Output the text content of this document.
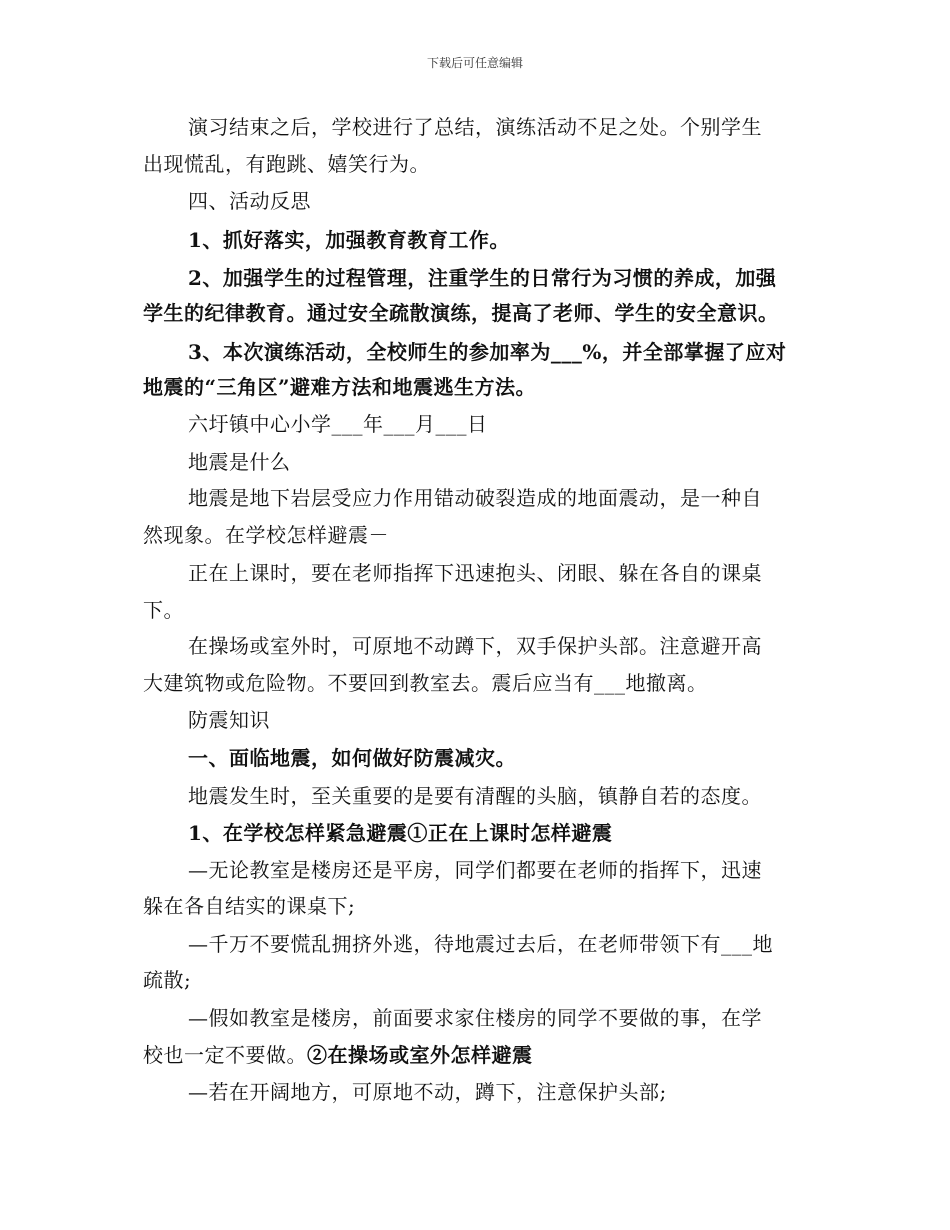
下载后可任意编辑
演习结束之后，学校进行了总结，演练活动不足之处。个别学生
出现慌乱，有跑跳、嬉笑行为。
四、活动反思
1、抓好落实，加强教育教育工作。
2、加强学生的过程管理，注重学生的日常行为习惯的养成，加强
学生的纪律教育。通过安全疏散演练，提高了老师、学生的安全意识。
3、本次演练活动，全校师生的参加率为___%，并全部掌握了应对
地震的“三角区”避难方法和地震逃生方法。
六圩镇中心小学___年___月___日
地震是什么
地震是地下岩层受应力作用错动破裂造成的地面震动，是一种自
然现象。在学校怎样避震－
正在上课时，要在老师指挥下迅速抱头、闭眼、躲在各自的课桌
下。
在操场或室外时，可原地不动蹲下，双手保护头部。注意避开高
大建筑物或危险物。不要回到教室去。震后应当有___地撤离。
防震知识
一、面临地震，如何做好防震减灾。
地震发生时，至关重要的是要有清醒的头脑，镇静自若的态度。
1、在学校怎样紧急避震①正在上课时怎样避震
—无论教室是楼房还是平房，同学们都要在老师的指挥下，迅速
躲在各自结实的课桌下;
—千万不要慌乱拥挤外逃，待地震过去后，在老师带领下有___地
疏散;
—假如教室是楼房，前面要求家住楼房的同学不要做的事，在学
校也一定不要做。②在操场或室外怎样避震
—若在开阔地方，可原地不动，蹲下，注意保护头部;
